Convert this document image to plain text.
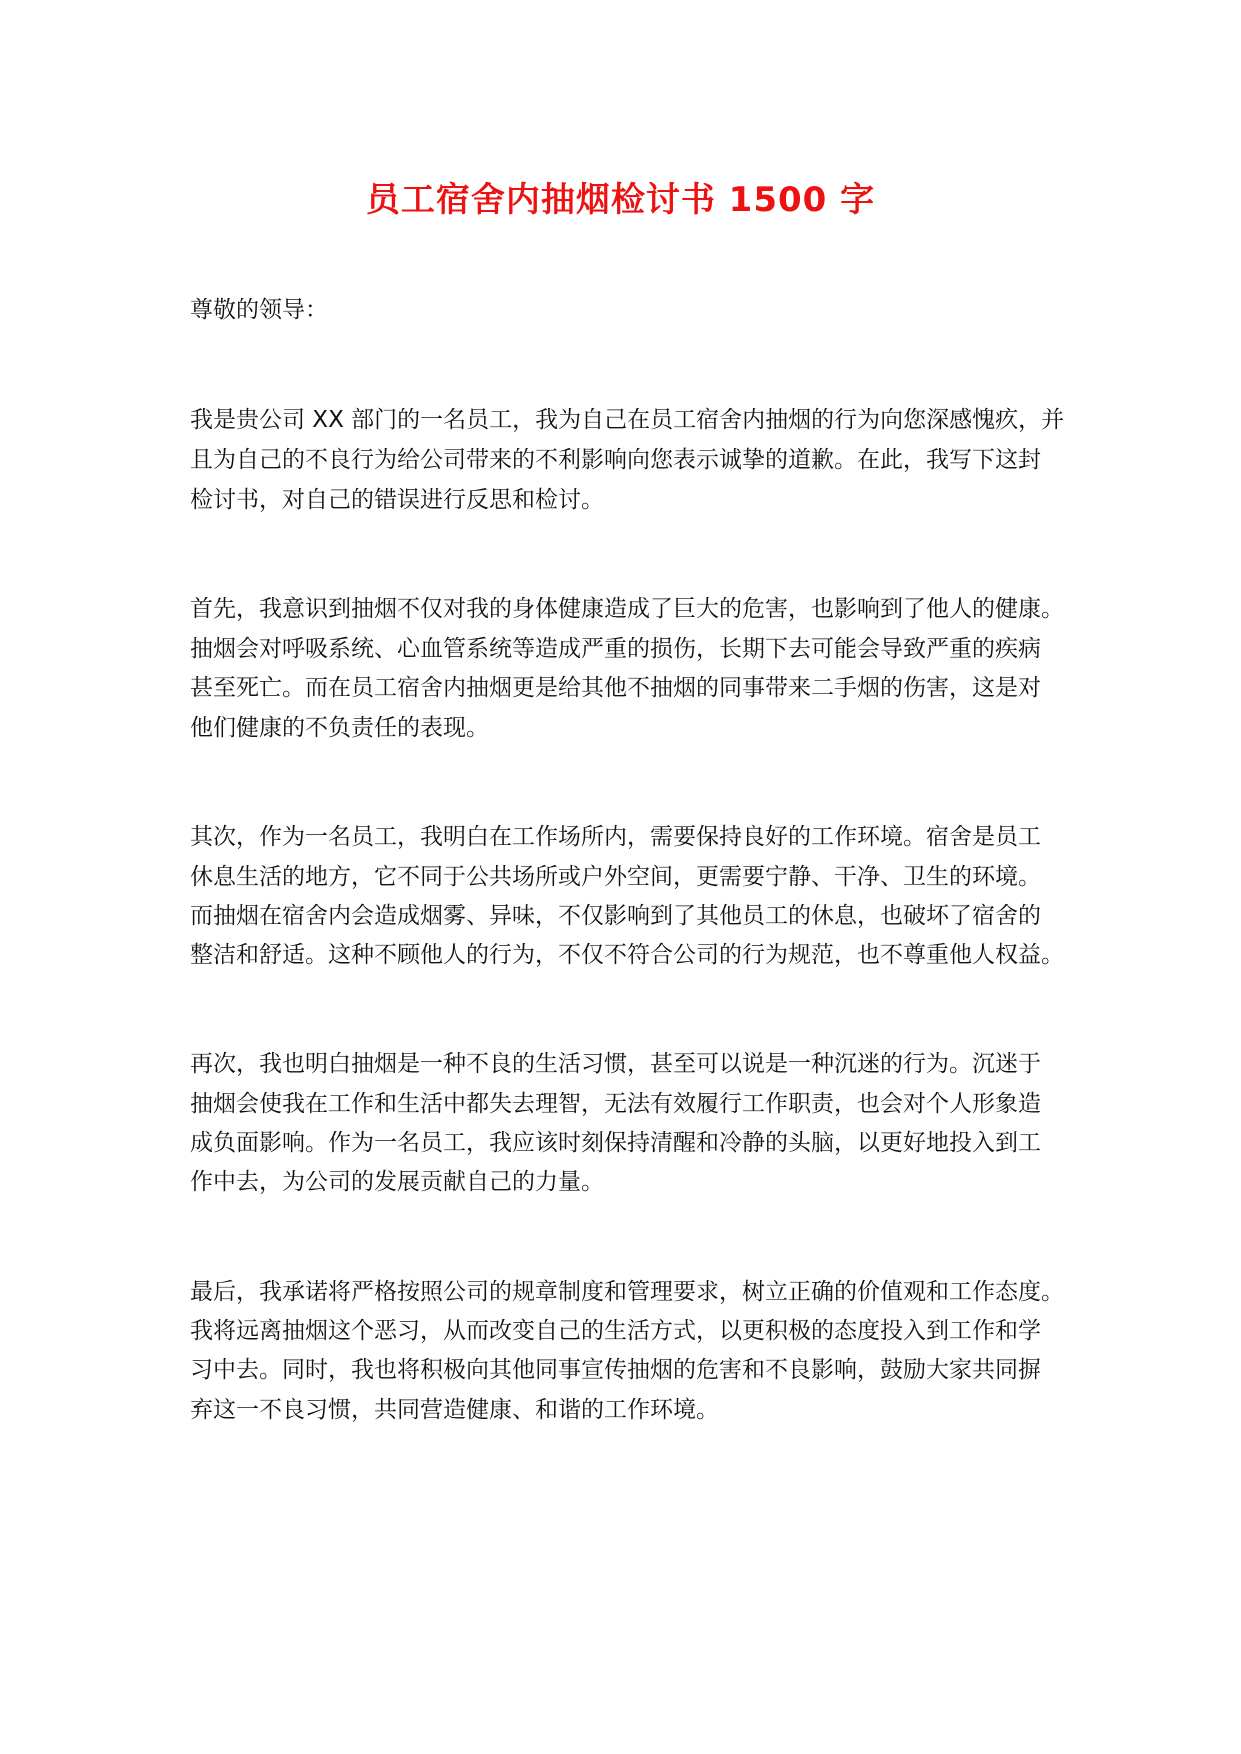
员工宿舍内抽烟检讨书 1500 字

尊敬的领导：

我是贵公司 XX 部门的一名员工，我为自己在员工宿舍内抽烟的行为向您深感愧疚，并

且为自己的不良行为给公司带来的不利影响向您表示诚挚的道歉。在此，我写下这封

检讨书，对自己的错误进行反思和检讨。

首先，我意识到抽烟不仅对我的身体健康造成了巨大的危害，也影响到了他人的健康。

抽烟会对呼吸系统、心血管系统等造成严重的损伤，长期下去可能会导致严重的疾病

甚至死亡。而在员工宿舍内抽烟更是给其他不抽烟的同事带来二手烟的伤害，这是对

他们健康的不负责任的表现。

其次，作为一名员工，我明白在工作场所内，需要保持良好的工作环境。宿舍是员工

休息生活的地方，它不同于公共场所或户外空间，更需要宁静、干净、卫生的环境。

而抽烟在宿舍内会造成烟雾、异味，不仅影响到了其他员工的休息，也破坏了宿舍的

整洁和舒适。这种不顾他人的行为，不仅不符合公司的行为规范，也不尊重他人权益。

再次，我也明白抽烟是一种不良的生活习惯，甚至可以说是一种沉迷的行为。沉迷于

抽烟会使我在工作和生活中都失去理智，无法有效履行工作职责，也会对个人形象造

成负面影响。作为一名员工，我应该时刻保持清醒和冷静的头脑，以更好地投入到工

作中去，为公司的发展贡献自己的力量。

最后，我承诺将严格按照公司的规章制度和管理要求，树立正确的价值观和工作态度。

我将远离抽烟这个恶习，从而改变自己的生活方式，以更积极的态度投入到工作和学

习中去。同时，我也将积极向其他同事宣传抽烟的危害和不良影响，鼓励大家共同摒

弃这一不良习惯，共同营造健康、和谐的工作环境。
